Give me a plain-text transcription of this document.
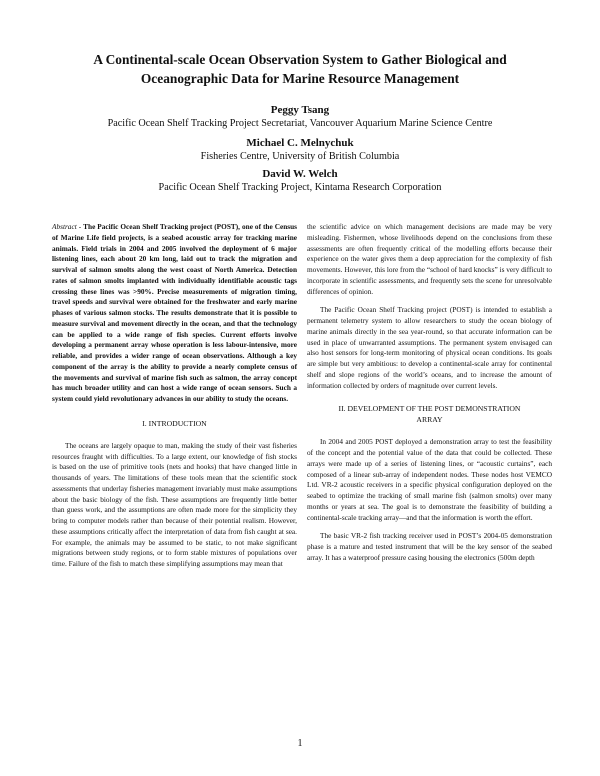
A Continental-scale Ocean Observation System to Gather Biological and
Oceanographic Data for Marine Resource Management
Peggy Tsang
Pacific Ocean Shelf Tracking Project Secretariat, Vancouver Aquarium Marine Science Centre
Michael C. Melnychuk
Fisheries Centre, University of British Columbia
David W. Welch
Pacific Ocean Shelf Tracking Project, Kintama Research Corporation

Abstract - The Pacific Ocean Shelf Tracking project (POST), one of the Census of Marine Life field projects, is a seabed acoustic array for tracking marine animals. Field trials in 2004 and 2005 involved the deployment of 6 major listening lines, each about 20 km long, laid out to track the migration and survival of salmon smolts along the west coast of North America. Detection rates of salmon smolts implanted with individually identifiable acoustic tags crossing these lines was >90%. Precise measurements of migration timing, travel speeds and survival were obtained for the freshwater and early marine phases of various salmon stocks. The results demonstrate that it is possible to measure survival and movement directly in the ocean, and that the technology can be applied to a wide range of fish species. Current efforts involve developing a permanent array whose operation is less labour-intensive, more reliable, and provides a wider range of ocean observations. Although a key component of the array is the ability to provide a nearly complete census of the movements and survival of marine fish such as salmon, the array concept has much broader utility and can host a wide range of ocean sensors. Such a system could yield revolutionary advances in our ability to study the oceans.

I. INTRODUCTION

The oceans are largely opaque to man, making the study of their vast fisheries resources fraught with difficulties. To a large extent, our knowledge of fish stocks is based on the use of primitive tools (nets and hooks) that have changed little in thousands of years. The limitations of these tools mean that the scientific stock assessments that underlay fisheries management invariably must make assumptions about the basic biology of the fish. These assumptions are frequently little better than guess work, and the assumptions are often made more for the simplicity they bring to computer models rather than because of their potential realism. However, these assumptions critically affect the interpretation of data from fish caught at sea. For example, the animals may be assumed to be static, to not make significant migrations between study regions, or to form stable mixtures of populations over time. Failure of the fish to match these simplifying assumptions may mean that

the scientific advice on which management decisions are made may be very misleading. Fishermen, whose livelihoods depend on the conclusions from these assessments are often frequently critical of the modelling efforts because their experience on the water gives them a deep appreciation for the complexity of fish movements. However, this lore from the “school of hard knocks” is very difficult to incorporate in scientific assessments, and frequently sets the scene for unresolvable differences of opinion.

The Pacific Ocean Shelf Tracking project (POST) is intended to establish a permanent telemetry system to allow researchers to study the ocean biology of marine animals directly in the sea year-round, so that accurate information can be used in place of unwarranted assumptions. The permanent system envisaged can also host sensors for long-term monitoring of physical ocean conditions. Its goals are simple but very ambitious: to develop a continental-scale array for continental shelf and slope regions of the world’s oceans, and to increase the amount of information collected by orders of magnitude over current levels.

II. DEVELOPMENT OF THE POST DEMONSTRATION
ARRAY

In 2004 and 2005 POST deployed a demonstration array to test the feasibility of the concept and the potential value of the data that could be collected. These arrays were made up of a series of listening lines, or “acoustic curtains”, each composed of a linear sub-array of independent nodes. These nodes host VEMCO Ltd. VR-2 acoustic receivers in a specific physical configuration deployed on the seabed to optimize the tracking of small marine fish (salmon smolts) over many months or years at sea. The goal is to demonstrate the feasibility of building a continental-scale tracking array—and that the information is worth the effort.

The basic VR-2 fish tracking receiver used in POST’s 2004-05 demonstration phase is a mature and tested instrument that will be the key sensor of the seabed array. It has a waterproof pressure casing housing the electronics (500m depth

1
